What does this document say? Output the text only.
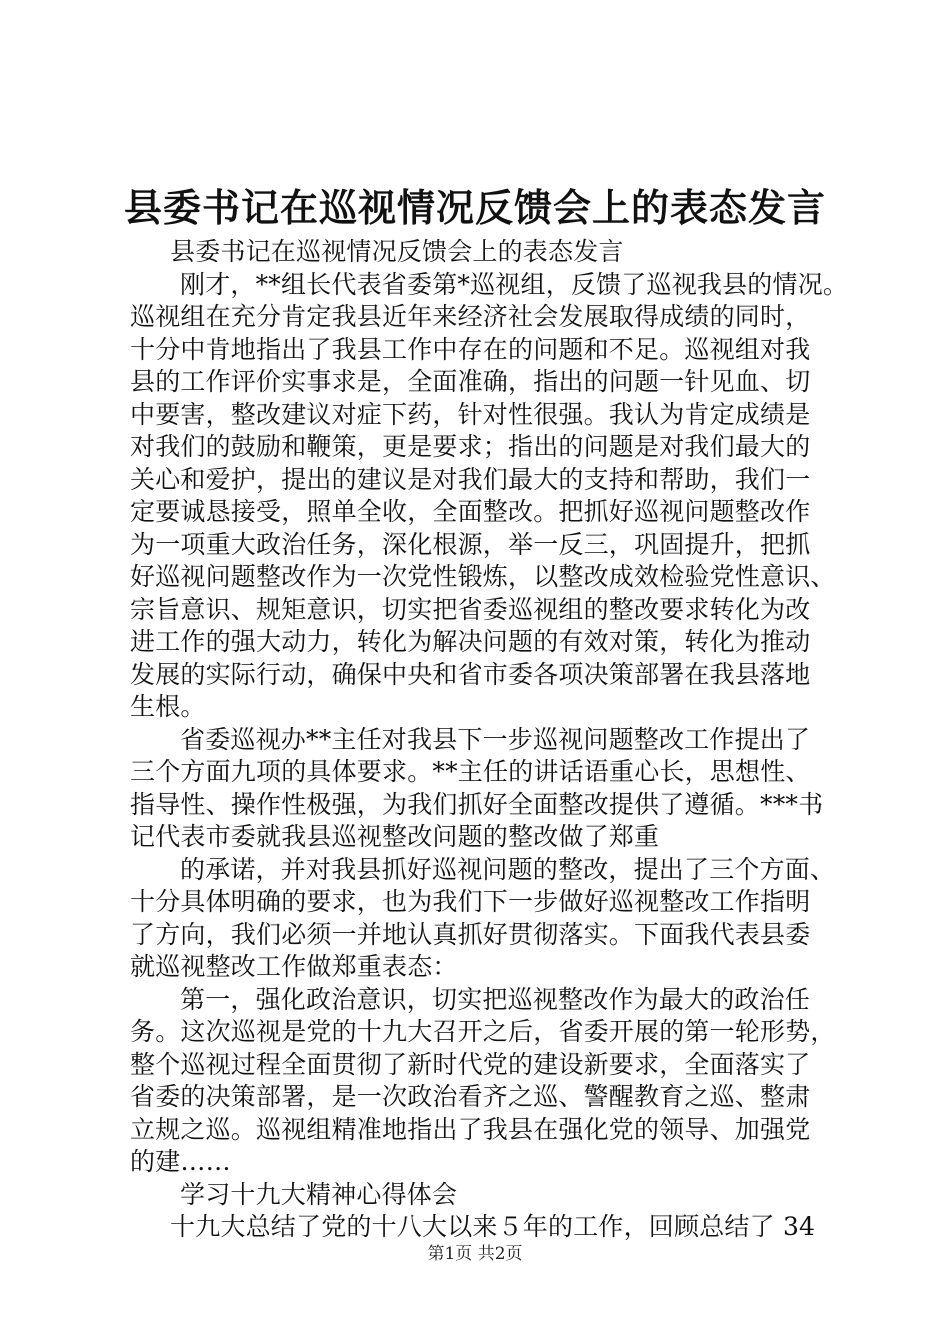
县委书记在巡视情况反馈会上的表态发言
县委书记在巡视情况反馈会上的表态发言
刚才，**组长代表省委第*巡视组，反馈了巡视我县的情况。
巡视组在充分肯定我县近年来经济社会发展取得成绩的同时，
十分中肯地指出了我县工作中存在的问题和不足。巡视组对我
县的工作评价实事求是，全面准确，指出的问题一针见血、切
中要害，整改建议对症下药，针对性很强。我认为肯定成绩是
对我们的鼓励和鞭策，更是要求；指出的问题是对我们最大的
关心和爱护，提出的建议是对我们最大的支持和帮助，我们一
定要诚恳接受，照单全收，全面整改。把抓好巡视问题整改作
为一项重大政治任务，深化根源，举一反三，巩固提升，把抓
好巡视问题整改作为一次党性锻炼，以整改成效检验党性意识、
宗旨意识、规矩意识，切实把省委巡视组的整改要求转化为改
进工作的强大动力，转化为解决问题的有效对策，转化为推动
发展的实际行动，确保中央和省市委各项决策部署在我县落地
生根。
省委巡视办**主任对我县下一步巡视问题整改工作提出了
三个方面九项的具体要求。**主任的讲话语重心长，思想性、
指导性、操作性极强，为我们抓好全面整改提供了遵循。***书
记代表市委就我县巡视整改问题的整改做了郑重
的承诺，并对我县抓好巡视问题的整改，提出了三个方面、
十分具体明确的要求，也为我们下一步做好巡视整改工作指明
了方向，我们必须一并地认真抓好贯彻落实。下面我代表县委
就巡视整改工作做郑重表态：
第一，强化政治意识，切实把巡视整改作为最大的政治任
务。这次巡视是党的十九大召开之后，省委开展的第一轮形势，
整个巡视过程全面贯彻了新时代党的建设新要求，全面落实了
省委的决策部署，是一次政治看齐之巡、警醒教育之巡、整肃
立规之巡。巡视组精准地指出了我县在强化党的领导、加强党
的建……
学习十九大精神心得体会
十九大总结了党的十八大以来５年的工作，回顾总结了 34
第1页 共2页
